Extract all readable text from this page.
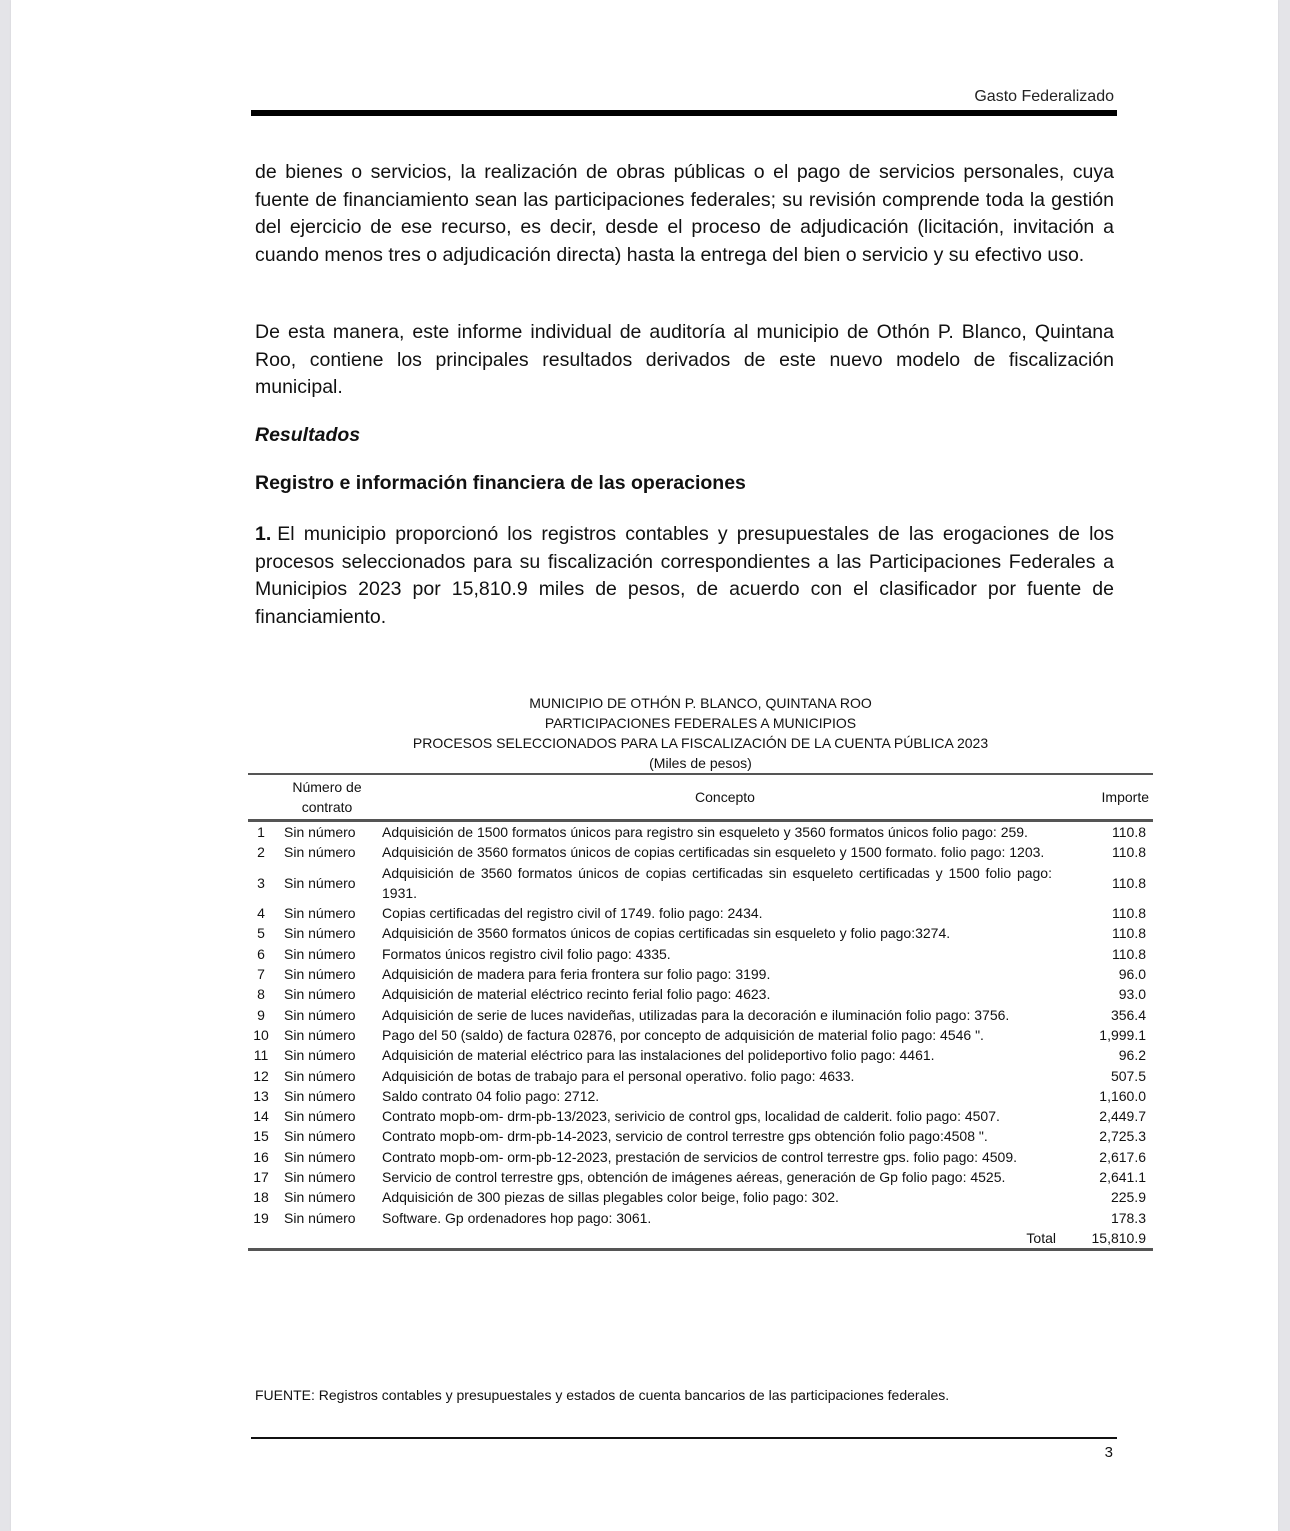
Gasto Federalizado

de bienes o servicios, la realización de obras públicas o el pago de servicios personales, cuya fuente de financiamiento sean las participaciones federales; su revisión comprende toda la gestión del ejercicio de ese recurso, es decir, desde el proceso de adjudicación (licitación, invitación a cuando menos tres o adjudicación directa) hasta la entrega del bien o servicio y su efectivo uso.

De esta manera, este informe individual de auditoría al municipio de Othón P. Blanco, Quintana Roo, contiene los principales resultados derivados de este nuevo modelo de fiscalización municipal.

Resultados
Registro e información financiera de las operaciones

1. El municipio proporcionó los registros contables y presupuestales de las erogaciones de los procesos seleccionados para su fiscalización correspondientes a las Participaciones Federales a Municipios 2023 por 15,810.9 miles de pesos, de acuerdo con el clasificador por fuente de financiamiento.

MUNICIPIO DE OTHÓN P. BLANCO, QUINTANA ROO
PARTICIPACIONES FEDERALES A MUNICIPIOS
PROCESOS SELECCIONADOS PARA LA FISCALIZACIÓN DE LA CUENTA PÚBLICA 2023
(Miles de pesos)
	Número de contrato	Concepto	Importe
1	Sin número	Adquisición de 1500 formatos únicos para registro sin esqueleto y 3560 formatos únicos folio pago: 259.	110.8
2	Sin número	Adquisición de 3560 formatos únicos de copias certificadas sin esqueleto y 1500 formato. folio pago: 1203.	110.8
3	Sin número	Adquisición de 3560 formatos únicos de copias certificadas sin esqueleto certificadas y 1500 folio pago: 1931.	110.8
4	Sin número	Copias certificadas del registro civil of 1749. folio pago: 2434.	110.8
5	Sin número	Adquisición de 3560 formatos únicos de copias certificadas sin esqueleto y folio pago:3274.	110.8
6	Sin número	Formatos únicos registro civil folio pago: 4335.	110.8
7	Sin número	Adquisición de madera para feria frontera sur folio pago: 3199.	96.0
8	Sin número	Adquisición de material eléctrico recinto ferial folio pago: 4623.	93.0
9	Sin número	Adquisición de serie de luces navideñas, utilizadas para la decoración e iluminación folio pago: 3756.	356.4
10	Sin número	Pago del 50 (saldo) de factura 02876, por concepto de adquisición de material folio pago: 4546 ".	1,999.1
11	Sin número	Adquisición de material eléctrico para las instalaciones del polideportivo folio pago: 4461.	96.2
12	Sin número	Adquisición de botas de trabajo para el personal operativo. folio pago: 4633.	507.5
13	Sin número	Saldo contrato 04 folio pago: 2712.	1,160.0
14	Sin número	Contrato mopb-om- drm-pb-13/2023, serivicio de control gps, localidad de calderit. folio pago: 4507.	2,449.7
15	Sin número	Contrato mopb-om- drm-pb-14-2023, servicio de control terrestre gps obtención folio pago:4508 ".	2,725.3
16	Sin número	Contrato mopb-om- orm-pb-12-2023, prestación de servicios de control terrestre gps. folio pago: 4509.	2,617.6
17	Sin número	Servicio de control terrestre gps, obtención de imágenes aéreas, generación de Gp folio pago: 4525.	2,641.1
18	Sin número	Adquisición de 300 piezas de sillas plegables color beige, folio pago: 302.	225.9
19	Sin número	Software. Gp ordenadores hop pago: 3061.	178.3
		Total	15,810.9
FUENTE: Registros contables y presupuestales y estados de cuenta bancarios de las participaciones federales.
3
